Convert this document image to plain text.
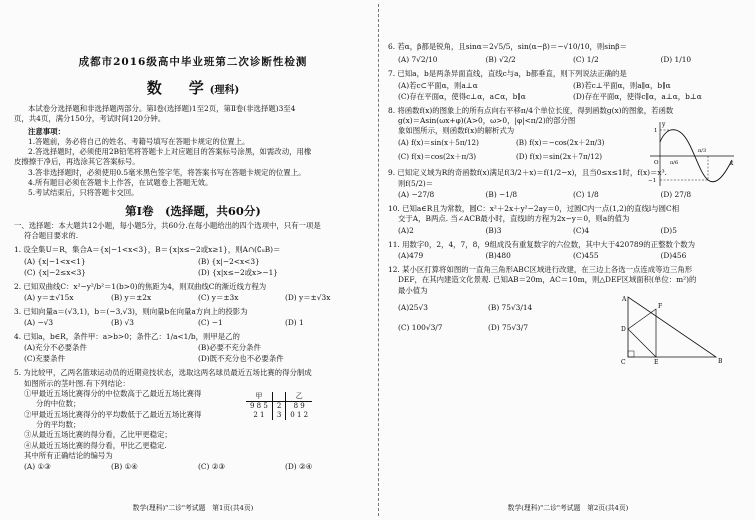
成都市2016级高中毕业班第二次诊断性检测
数　学(理科)
本试卷分选择题和非选择题两部分。第Ⅰ卷(选择题)1至2页，第Ⅱ卷(非选择题)3至4
页，共4页，满分150分，考试时间120分钟。
注意事项：
1.答题前，务必将自己的姓名、考籍号填写在答题卡规定的位置上。
2.答选择题时，必须使用2B铅笔将答题卡上对应题目的答案标号涂黑，如需改动，用橡
皮擦擦干净后，再选涂其它答案标号。
3.答非选择题时，必须使用0.5毫米黑色签字笔，将答案书写在答题卡规定的位置上。
4.所有题目必须在答题卡上作答，在试题卷上答题无效。
5.考试结束后，只将答题卡交回。
第Ⅰ卷　(选择题，共60分)
一、选择题：本大题共12小题，每小题5分，共60分.在每小题给出的四个选项中，只有一项是
符合题目要求的.
1. 设全集U＝R，集合A＝{x|−1<x<3}，B＝{x|x≤−2或x≥1}，则A∩(∁ᵤB)＝
(A) {x|−1<x<1}	(B) {x|−2<x<3}
(C) {x|−2≤x<3}	(D) {x|x≤−2或x>−1}
2. 已知双曲线C：x²−y²/b²＝1(b>0)的焦距为4，则双曲线C的渐近线方程为
(A) y＝±√15x	(B) y＝±2x	(C) y＝±3x	(D) y＝±√3x
3. 已知向量a＝(√3,1)，b＝(−3,√3)，则向量b在向量a方向上的投影为
(A) −√3	(B) √3	(C) −1	(D) 1
4. 已知a，b∈R，条件甲：a>b>0；条件乙：1/a<1/b，则甲是乙的
(A)充分不必要条件	(B)必要不充分条件
(C)充要条件	(D)既不充分也不必要条件
5. 为比较甲，乙两名篮球运动员的近期竞技状态，选取这两名球员最近五场比赛的得分制成
如图所示的茎叶图.有下列结论：
①甲最近五场比赛得分的中位数高于乙最近五场比赛得
分的中位数；
②甲最近五场比赛得分的平均数低于乙最近五场比赛得
分的平均数；
③从最近五场比赛的得分看，乙比甲更稳定；
④从最近五场比赛的得分看，甲比乙更稳定.
其中所有正确结论的编号为
(A) ①③	(B) ①④	(C) ②③	(D) ②④
甲		乙
9 8 5	2	8 9
2 1	3	0 1 2
数学(理科)"二诊"考试题　第1页(共4页)
6. 若α，β都是锐角，且sinα＝2√5/5，sin(α−β)＝−√10/10，则sinβ＝
(A) 7√2/10	(B) √2/2	(C) 1/2	(D) 1/10
7. 已知a，b是两条异面直线，直线c与a，b都垂直，则下列说法正确的是
(A)若c⊂平面α，则a⊥α	(B)若c⊥平面α，则a∥α，b∥α
(C)存在平面α，使得c⊥α，a⊂α，b∥α	(D)存在平面α，使得c∥α，a⊥α，b⊥α
8. 将函数f(x)的图象上的所有点向右平移π/4个单位长度，得到函数g(x)的图象，若函数
g(x)＝Asin(ωx+φ)(A>0，ω>0，|φ|<π/2)的部分图
象如图所示，则函数f(x)的解析式为
(A) f(x)＝sin(x＋5π/12)	(B) f(x)＝−cos(2x＋2π/3)
(C) f(x)＝cos(2x＋π/3)	(D) f(x)＝sin(2x＋7π/12)
y
x
O
1
−1
π/6
π/3
9. 已知定义域为R的奇函数f(x)满足f(3/2＋x)＝f(1/2−x)，且当0≤x≤1时，f(x)＝x³.
则f(5/2)＝
(A) −27/8	(B) −1/8	(C) 1/8	(D) 27/8
10. 已知a∈R且为常数，圆C：x²＋2x＋y²−2ay＝0，过圆C内一点(1,2)的直线l与圆C相
交于A，B两点. 当∠ACB最小时，直线l的方程为2x−y＝0，则a的值为
(A)2	(B)3	(C)4	(D)5
11. 用数字0，2，4，7，8，9组成没有重复数字的六位数，其中大于420789的正整数个数为
(A)479	(B)480	(C)455	(D)456
12. 某小区打算将如图的一直角三角形ABC区域进行改建，在三边上各选一点连成等边三角形
DEF，在其内建造文化景观. 已知AB＝20m，AC＝10m，则△DEF区域面积(单位：m²)的
最小值为
(A)25√3	(B) 75√3/14
(C) 100√3/7	(D) 75√3/7
A
B
C
D
E
F
数学(理科)"二诊"考试题　第2页(共4页)
